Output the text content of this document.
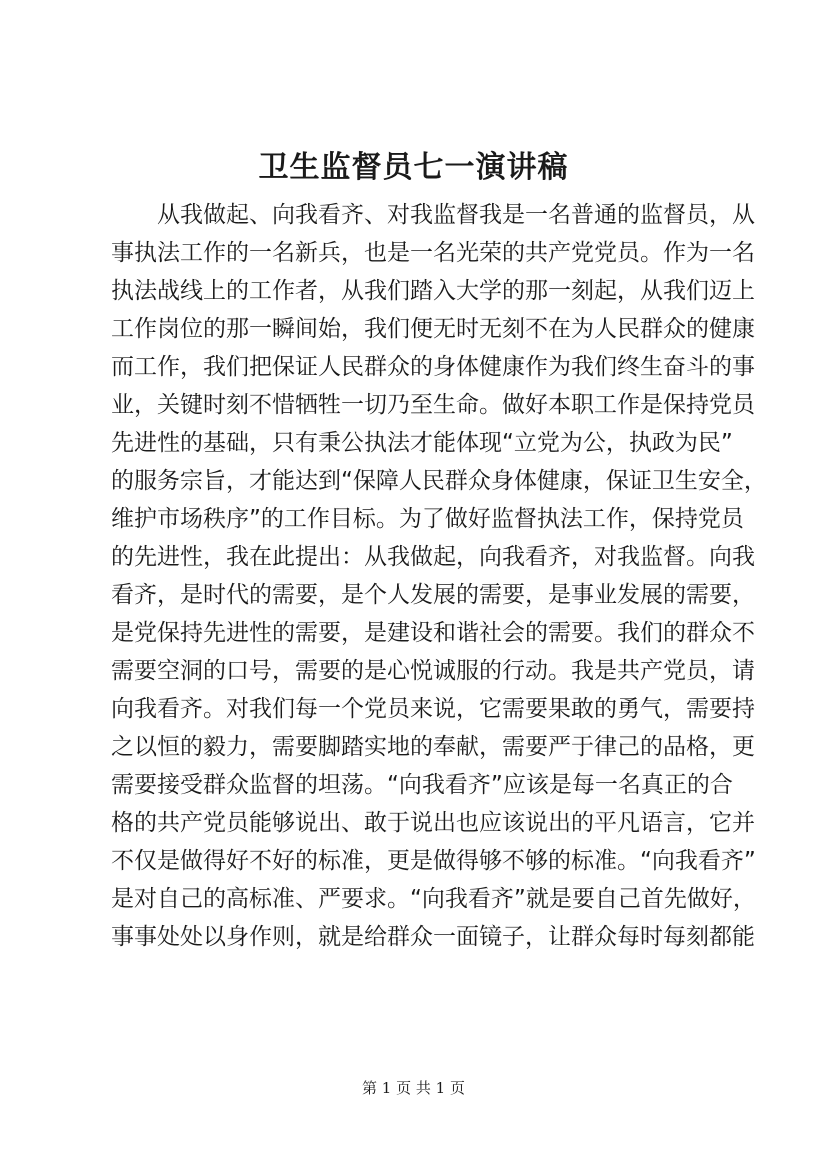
卫生监督员七一演讲稿
从我做起、向我看齐、对我监督我是一名普通的监督员，从
事执法工作的一名新兵，也是一名光荣的共产党党员。作为一名
执法战线上的工作者，从我们踏入大学的那一刻起，从我们迈上
工作岗位的那一瞬间始，我们便无时无刻不在为人民群众的健康
而工作，我们把保证人民群众的身体健康作为我们终生奋斗的事
业，关键时刻不惜牺牲一切乃至生命。做好本职工作是保持党员
先进性的基础，只有秉公执法才能体现“立党为公，执政为民”
的服务宗旨，才能达到“保障人民群众身体健康，保证卫生安全，
维护市场秩序”的工作目标。为了做好监督执法工作，保持党员
的先进性，我在此提出：从我做起，向我看齐，对我监督。向我
看齐，是时代的需要，是个人发展的需要，是事业发展的需要，
是党保持先进性的需要，是建设和谐社会的需要。我们的群众不
需要空洞的口号，需要的是心悦诚服的行动。我是共产党员，请
向我看齐。对我们每一个党员来说，它需要果敢的勇气，需要持
之以恒的毅力，需要脚踏实地的奉献，需要严于律己的品格，更
需要接受群众监督的坦荡。“向我看齐”应该是每一名真正的合
格的共产党员能够说出、敢于说出也应该说出的平凡语言，它并
不仅是做得好不好的标准，更是做得够不够的标准。“向我看齐”
是对自己的高标准、严要求。“向我看齐”就是要自己首先做好，
事事处处以身作则，就是给群众一面镜子，让群众每时每刻都能
第 1 页 共 1 页
